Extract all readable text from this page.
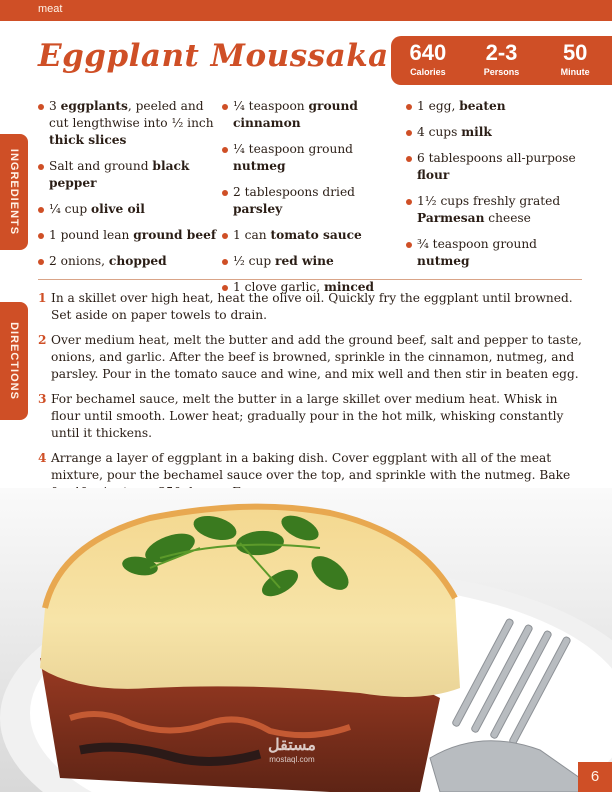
meat
Eggplant Moussaka 640
Calories
2-3
Persons
50
Minute
INGREDIENTS
DIRECTIONS
3 eggplants, peeled and cut lengthwise into ½ inch thick slices
Salt and ground black pepper
¼ cup olive oil
1 pound lean ground beef
2 onions, chopped
¼ teaspoon ground cinnamon
¼ teaspoon ground nutmeg
2 tablespoons dried parsley
1 can tomato sauce
½ cup red wine
1 clove garlic, minced
1 egg, beaten
4 cups milk
6 tablespoons all-purpose flour
1½ cups freshly grated Parmesan cheese
¾ teaspoon ground nutmeg
1 In a skillet over high heat, heat the olive oil. Quickly fry the eggplant until browned. Set aside on paper towels to drain.
2 Over medium heat, melt the butter and add the ground beef, salt and pepper to taste, onions, and garlic. After the beef is browned, sprinkle in the cinnamon, nutmeg, and parsley. Pour in the tomato sauce and wine, and mix well and then stir in beaten egg.
3 For bechamel sauce, melt the butter in a large skillet over medium heat. Whisk in flour until smooth. Lower heat; gradually pour in the hot milk, whisking constantly until it thickens.
4 Arrange a layer of eggplant in a baking dish. Cover eggplant with all of the meat mixture, pour the bechamel sauce over the top, and sprinkle with the nutmeg. Bake
مستقل
mostaql.com
6
